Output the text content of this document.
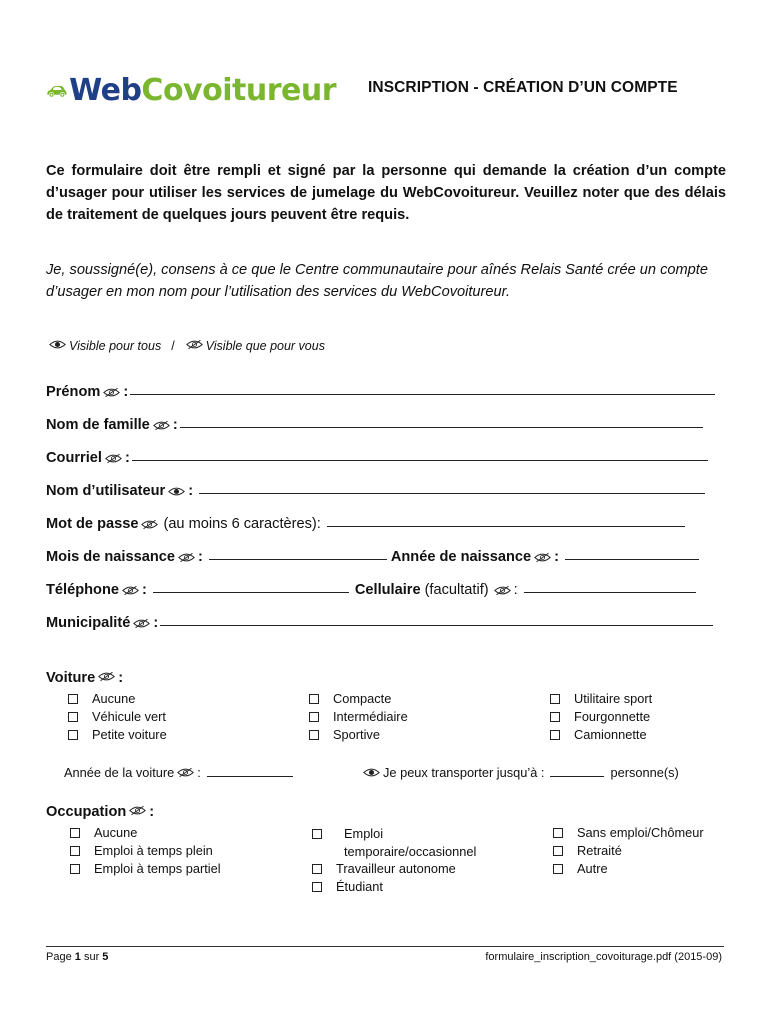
WebCovoitureur INSCRIPTION - CRÉATION D’UN COMPTE
Ce formulaire doit être rempli et signé par la personne qui demande la création d’un compte d’usager pour utiliser les services de jumelage du WebCovoitureur. Veuillez noter que des délais de traitement de quelques jours peuvent être requis.
Je, soussigné(e), consens à ce que le Centre communautaire pour aînés Relais Santé crée un compte d’usager en mon nom pour l’utilisation des services du WebCovoitureur.
Visible pour tous / Visible que pour vous
Prénom :
Nom de famille :
Courriel :
Nom d’utilisateur :
Mot de passe (au moins 6 caractères):
Mois de naissance :	Année de naissance :
Téléphone :	Cellulaire (facultatif) :
Municipalité :
Voiture :
Aucune
Véhicule vert
Petite voiture
Compacte
Intermédiaire
Sportive
Utilitaire sport
Fourgonnette
Camionnette
Année de la voiture :	Je peux transporter jusqu’à :	personne(s)
Occupation :
Aucune
Emploi à temps plein
Emploi à temps partiel
Emploi
temporaire/occasionnel
Travailleur autonome
Étudiant
Sans emploi/Chômeur
Retraité
Autre
Page 1 sur 5	formulaire_inscription_covoiturage.pdf (2015-09)
